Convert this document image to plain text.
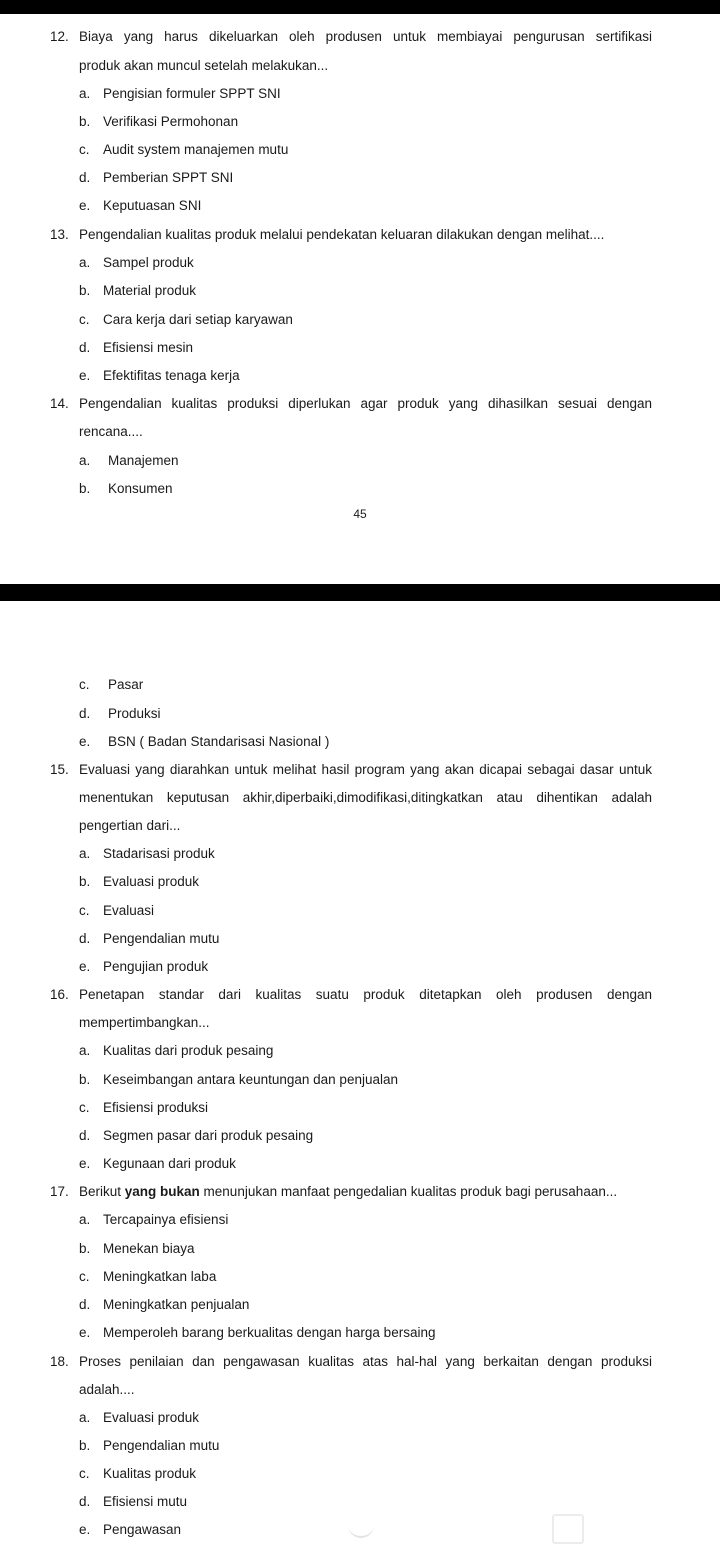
12. Biaya yang harus dikeluarkan oleh produsen untuk membiayai pengurusan sertifikasi
produk akan muncul setelah melakukan...
a. Pengisian formuler SPPT SNI
b. Verifikasi Permohonan
c. Audit system manajemen mutu
d. Pemberian SPPT SNI
e. Keputuasan SNI
13. Pengendalian kualitas produk melalui pendekatan keluaran dilakukan dengan melihat....
a. Sampel produk
b. Material produk
c. Cara kerja dari setiap karyawan
d. Efisiensi mesin
e. Efektifitas tenaga kerja
14. Pengendalian kualitas produksi diperlukan agar produk yang dihasilkan sesuai dengan
rencana....
a. Manajemen
b. Konsumen
45
c. Pasar
d. Produksi
e. BSN ( Badan Standarisasi Nasional )
15. Evaluasi yang diarahkan untuk melihat hasil program yang akan dicapai sebagai dasar untuk
menentukan keputusan akhir,diperbaiki,dimodifikasi,ditingkatkan atau dihentikan adalah
pengertian dari...
a. Stadarisasi produk
b. Evaluasi produk
c. Evaluasi
d. Pengendalian mutu
e. Pengujian produk
16. Penetapan standar dari kualitas suatu produk ditetapkan oleh produsen dengan
mempertimbangkan...
a. Kualitas dari produk pesaing
b. Keseimbangan antara keuntungan dan penjualan
c. Efisiensi produksi
d. Segmen pasar dari produk pesaing
e. Kegunaan dari produk
17. Berikut yang bukan menunjukan manfaat pengedalian kualitas produk bagi perusahaan...
a. Tercapainya efisiensi
b. Menekan biaya
c. Meningkatkan laba
d. Meningkatkan penjualan
e. Memperoleh barang berkualitas dengan harga bersaing
18. Proses penilaian dan pengawasan kualitas atas hal-hal yang berkaitan dengan produksi
adalah....
a. Evaluasi produk
b. Pengendalian mutu
c. Kualitas produk
d. Efisiensi mutu
e. Pengawasan
